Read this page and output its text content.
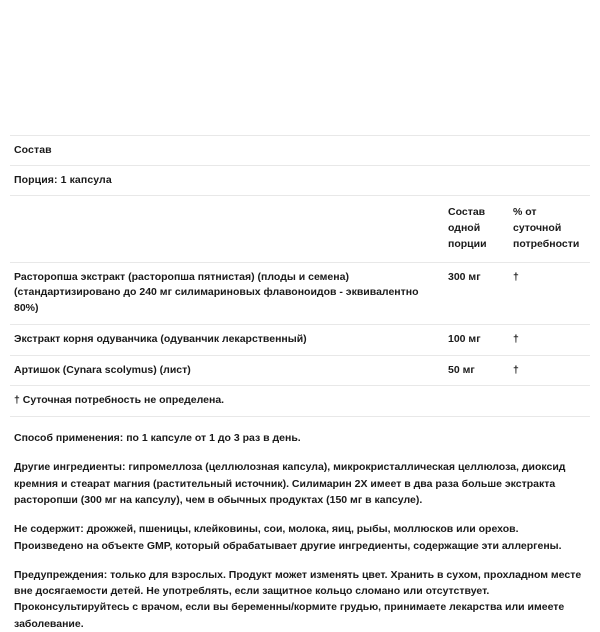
Состав
Порция: 1 капсула
	Состав одной порции	% от суточной потребности
Расторопша экстракт (расторопша пятнистая) (плоды и семена) (стандартизировано до 240 мг силимариновых флавоноидов - эквивалентно 80%)	300 мг	†
Экстракт корня одуванчика (одуванчик лекарственный)	100 мг	†
Артишок (Cynara scolymus) (лист)	50 мг	†
† Суточная потребность не определена.		

Способ применения: по 1 капсуле от 1 до 3 раз в день.

Другие ингредиенты: гипромеллоза (целлюлозная капсула), микрокристаллическая целлюлоза, диоксид кремния и стеарат магния (растительный источник). Силимарин 2X имеет в два раза больше экстракта расторопши (300 мг на капсулу), чем в обычных продуктах (150 мг в капсуле).

Не содержит: дрожжей, пшеницы, клейковины, сои, молока, яиц, рыбы, моллюсков или орехов. Произведено на объекте GMP, который обрабатывает другие ингредиенты, содержащие эти аллергены.

Предупреждения: только для взрослых. Продукт может изменять цвет. Хранить в сухом, прохладном месте вне досягаемости детей. Не употреблять, если защитное кольцо сломано или отсутствует. Проконсультируйтесь с врачом, если вы беременны/кормите грудью, принимаете лекарства или имеете заболевание.
